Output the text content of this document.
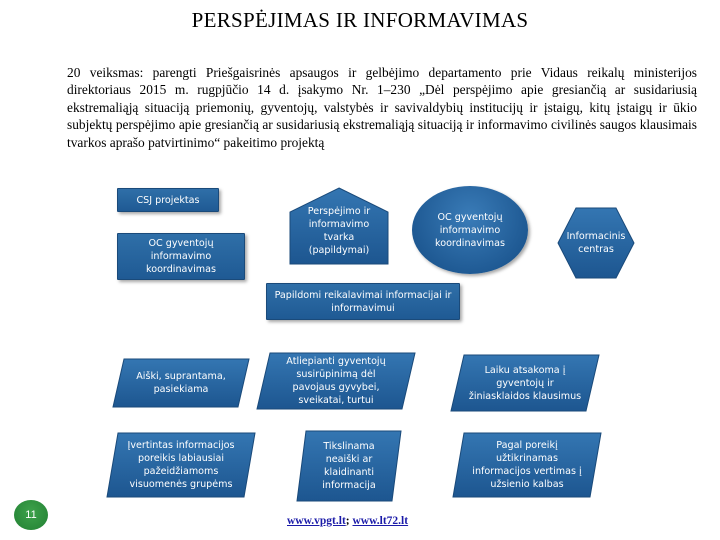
PERSPĖJIMAS IR INFORMAVIMAS
20 veiksmas: parengti Priešgaisrinės apsaugos ir gelbėjimo departamento prie Vidaus reikalų ministerijos direktoriaus 2015 m. rugpjūčio 14 d. įsakymo Nr. 1–230 „Dėl perspėjimo apie gresiančią ar susidariusią ekstremaliąją situaciją priemonių, gyventojų, valstybės ir savivaldybių institucijų ir įstaigų, kitų įstaigų ir ūkio subjektų perspėjimo apie gresiančią ar susidariusią ekstremaliąją situaciją ir informavimo civilinės saugos klausimais tvarkos aprašo patvirtinimo“ pakeitimo projektą
CSJ projektas
OC gyventojų informavimo koordinavimas
Perspėjimo ir informavimo tvarka (papildymai)
OC gyventojų informavimo koordinavimas
Informacinis centras
Papildomi reikalavimai informacijai ir informavimui
Aiški, suprantama, pasiekiama
Atliepianti gyventojų susirūpinimą dėl pavojaus gyvybei, sveikatai, turtui
Laiku atsakoma į gyventojų ir žiniasklaidos klausimus
Įvertintas informacijos poreikis labiausiai pažeidžiamoms visuomenės grupėms
Tikslinama neaiški ar klaidinanti informacija
Pagal poreikį užtikrinamas informacijos vertimas į užsienio kalbas
11	www.vpgt.lt; www.lt72.lt
